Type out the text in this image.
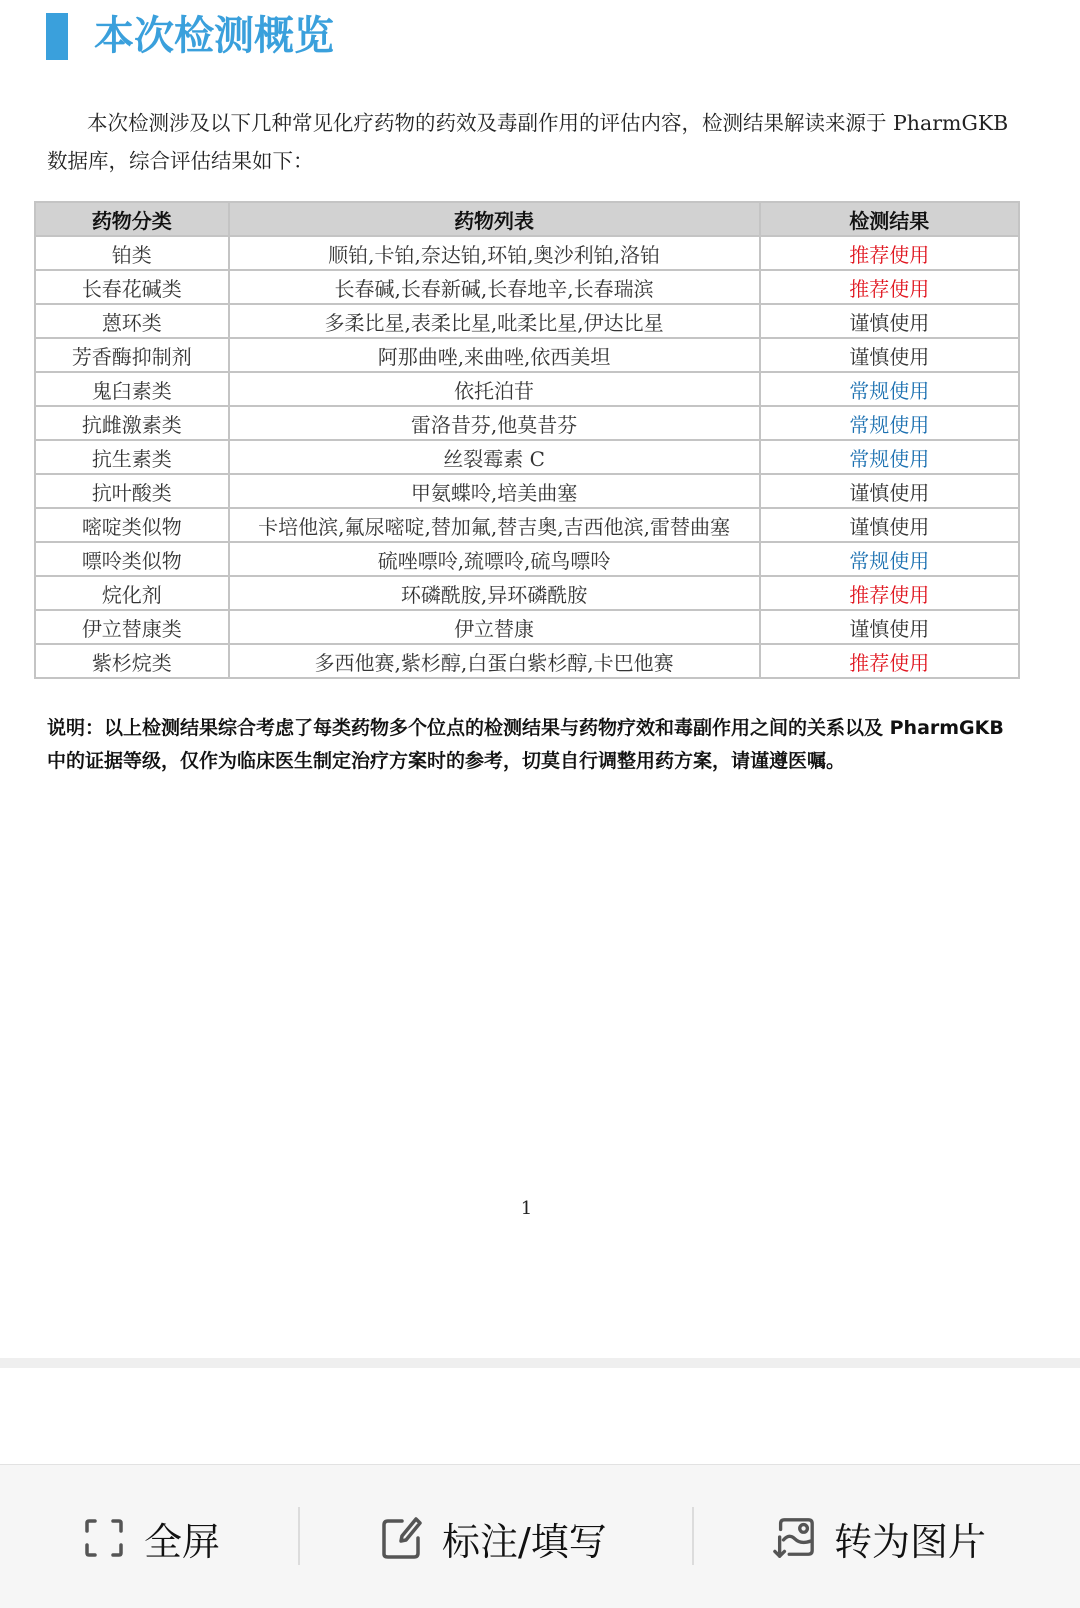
本次检测概览
本次检测涉及以下几种常见化疗药物的药效及毒副作用的评估内容，检测结果解读来源于 PharmGKB 数据库，综合评估结果如下：
药物分类	药物列表	检测结果
铂类	顺铂,卡铂,奈达铂,环铂,奥沙利铂,洛铂	推荐使用
长春花碱类	长春碱,长春新碱,长春地辛,长春瑞滨	推荐使用
蒽环类	多柔比星,表柔比星,吡柔比星,伊达比星	谨慎使用
芳香酶抑制剂	阿那曲唑,来曲唑,依西美坦	谨慎使用
鬼臼素类	依托泊苷	常规使用
抗雌激素类	雷洛昔芬,他莫昔芬	常规使用
抗生素类	丝裂霉素 C	常规使用
抗叶酸类	甲氨蝶呤,培美曲塞	谨慎使用
嘧啶类似物	卡培他滨,氟尿嘧啶,替加氟,替吉奥,吉西他滨,雷替曲塞	谨慎使用
嘌呤类似物	硫唑嘌呤,巯嘌呤,硫鸟嘌呤	常规使用
烷化剂	环磷酰胺,异环磷酰胺	推荐使用
伊立替康类	伊立替康	谨慎使用
紫杉烷类	多西他赛,紫杉醇,白蛋白紫杉醇,卡巴他赛	推荐使用
说明：以上检测结果综合考虑了每类药物多个位点的检测结果与药物疗效和毒副作用之间的关系以及 PharmGKB 中的证据等级，仅作为临床医生制定治疗方案时的参考，切莫自行调整用药方案，请谨遵医嘱。
1
全屏	标注/填写	转为图片
